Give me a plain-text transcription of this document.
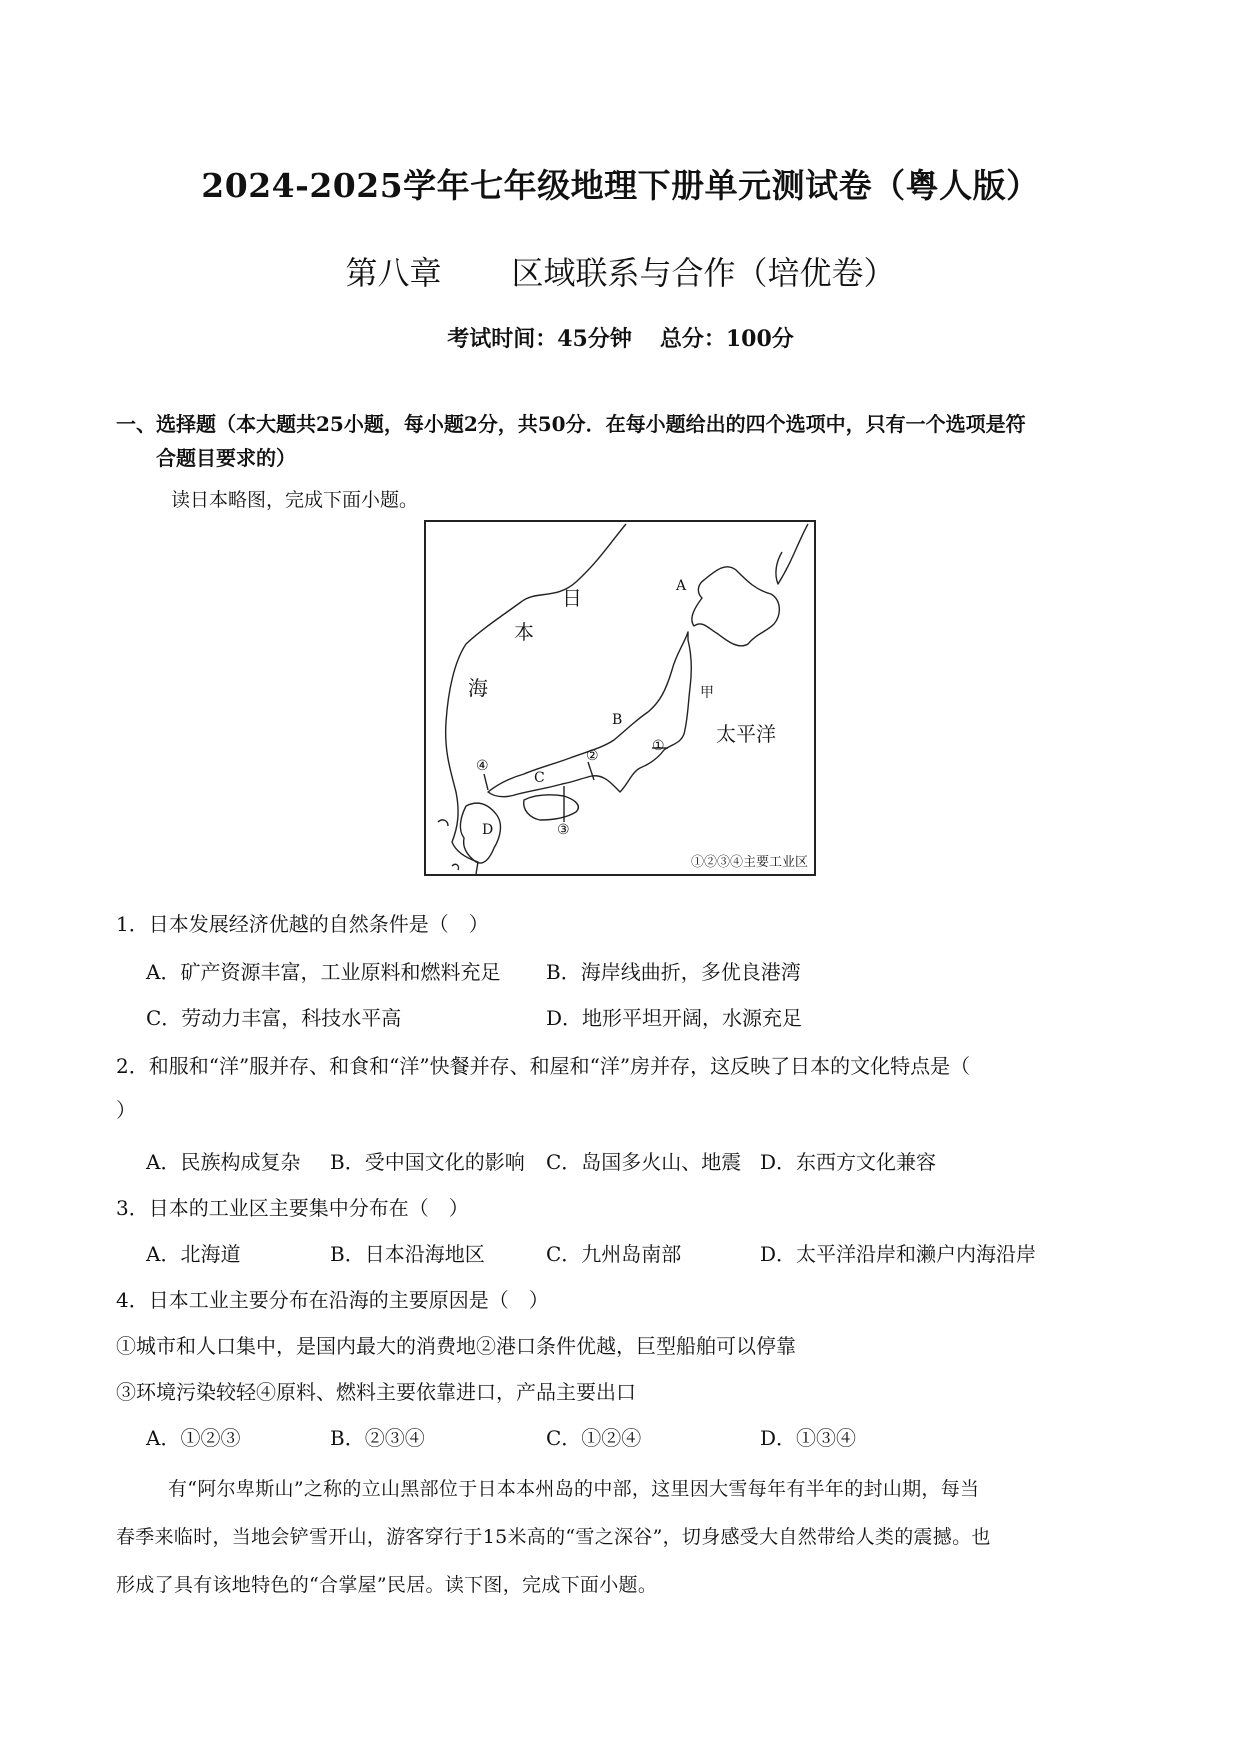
2024-2025学年七年级地理下册单元测试卷（粤人版）
第八章 区域联系与合作（培优卷）
考试时间：45分钟 总分：100分
一、选择题（本大题共25小题，每小题2分，共50分．在每小题给出的四个选项中，只有一个选项是符
合题目要求的）
读日本略图，完成下面小题。
日
本
海
太平洋
甲
A
B
C
D
①
②
③
④
①②③④主要工业区
1．日本发展经济优越的自然条件是（　）
A．矿产资源丰富，工业原料和燃料充足 B．海岸线曲折，多优良港湾
C．劳动力丰富，科技水平高	D．地形平坦开阔，水源充足
2．和服和“洋”服并存、和食和“洋”快餐并存、和屋和“洋”房并存，这反映了日本的文化特点是（
）
A．民族构成复杂 B．受中国文化的影响 C．岛国多火山、地震 D．东西方文化兼容
3．日本的工业区主要集中分布在（　）
A．北海道	B．日本沿海地区	C．九州岛南部	D．太平洋沿岸和濑户内海沿岸
4．日本工业主要分布在沿海的主要原因是（　）
①城市和人口集中，是国内最大的消费地②港口条件优越，巨型船舶可以停靠
③环境污染较轻④原料、燃料主要依靠进口，产品主要出口
A．①②③	B．②③④	C．①②④	D．①③④
有“阿尔卑斯山”之称的立山黑部位于日本本州岛的中部，这里因大雪每年有半年的封山期，每当
春季来临时，当地会铲雪开山，游客穿行于15米高的“雪之深谷”，切身感受大自然带给人类的震撼。也
形成了具有该地特色的“合掌屋”民居。读下图，完成下面小题。
